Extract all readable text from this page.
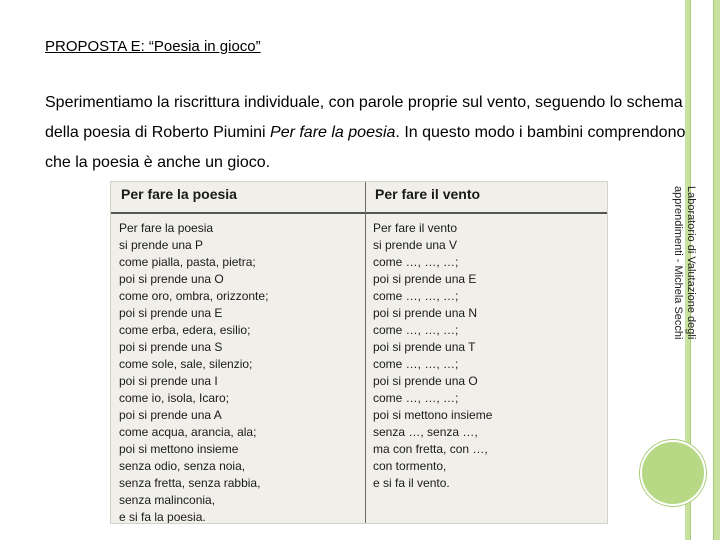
Laboratorio di Valutazione degli
apprendimenti - Michela Secchi
PROPOSTA E: “Poesia in gioco”
Sperimentiamo la riscrittura individuale, con parole proprie sul vento, seguendo lo schema della poesia di Roberto Piumini Per fare la poesia. In questo modo i bambini comprendono che la poesia è anche un gioco.
Per fare la poesia	Per fare il vento
Per fare la poesia
si prende una P
come pialla, pasta, pietra;
poi si prende una O
come oro, ombra, orizzonte;
poi si prende una E
come erba, edera, esilio;
poi si prende una S
come sole, sale, silenzio;
poi si prende una I
come io, isola, Icaro;
poi si prende una A
come acqua, arancia, ala;
poi si mettono insieme
senza odio, senza noia,
senza fretta, senza rabbia,
senza malinconia,
e si fa la poesia.
Per fare il vento
si prende una V
come …, …, …;
poi si prende una E
come …, …, …;
poi si prende una N
come …, …, …;
poi si prende una T
come …, …, …;
poi si prende una O
come …, …, …;
poi si mettono insieme
senza …, senza …,
ma con fretta, con …,
con tormento,
e si fa il vento.
